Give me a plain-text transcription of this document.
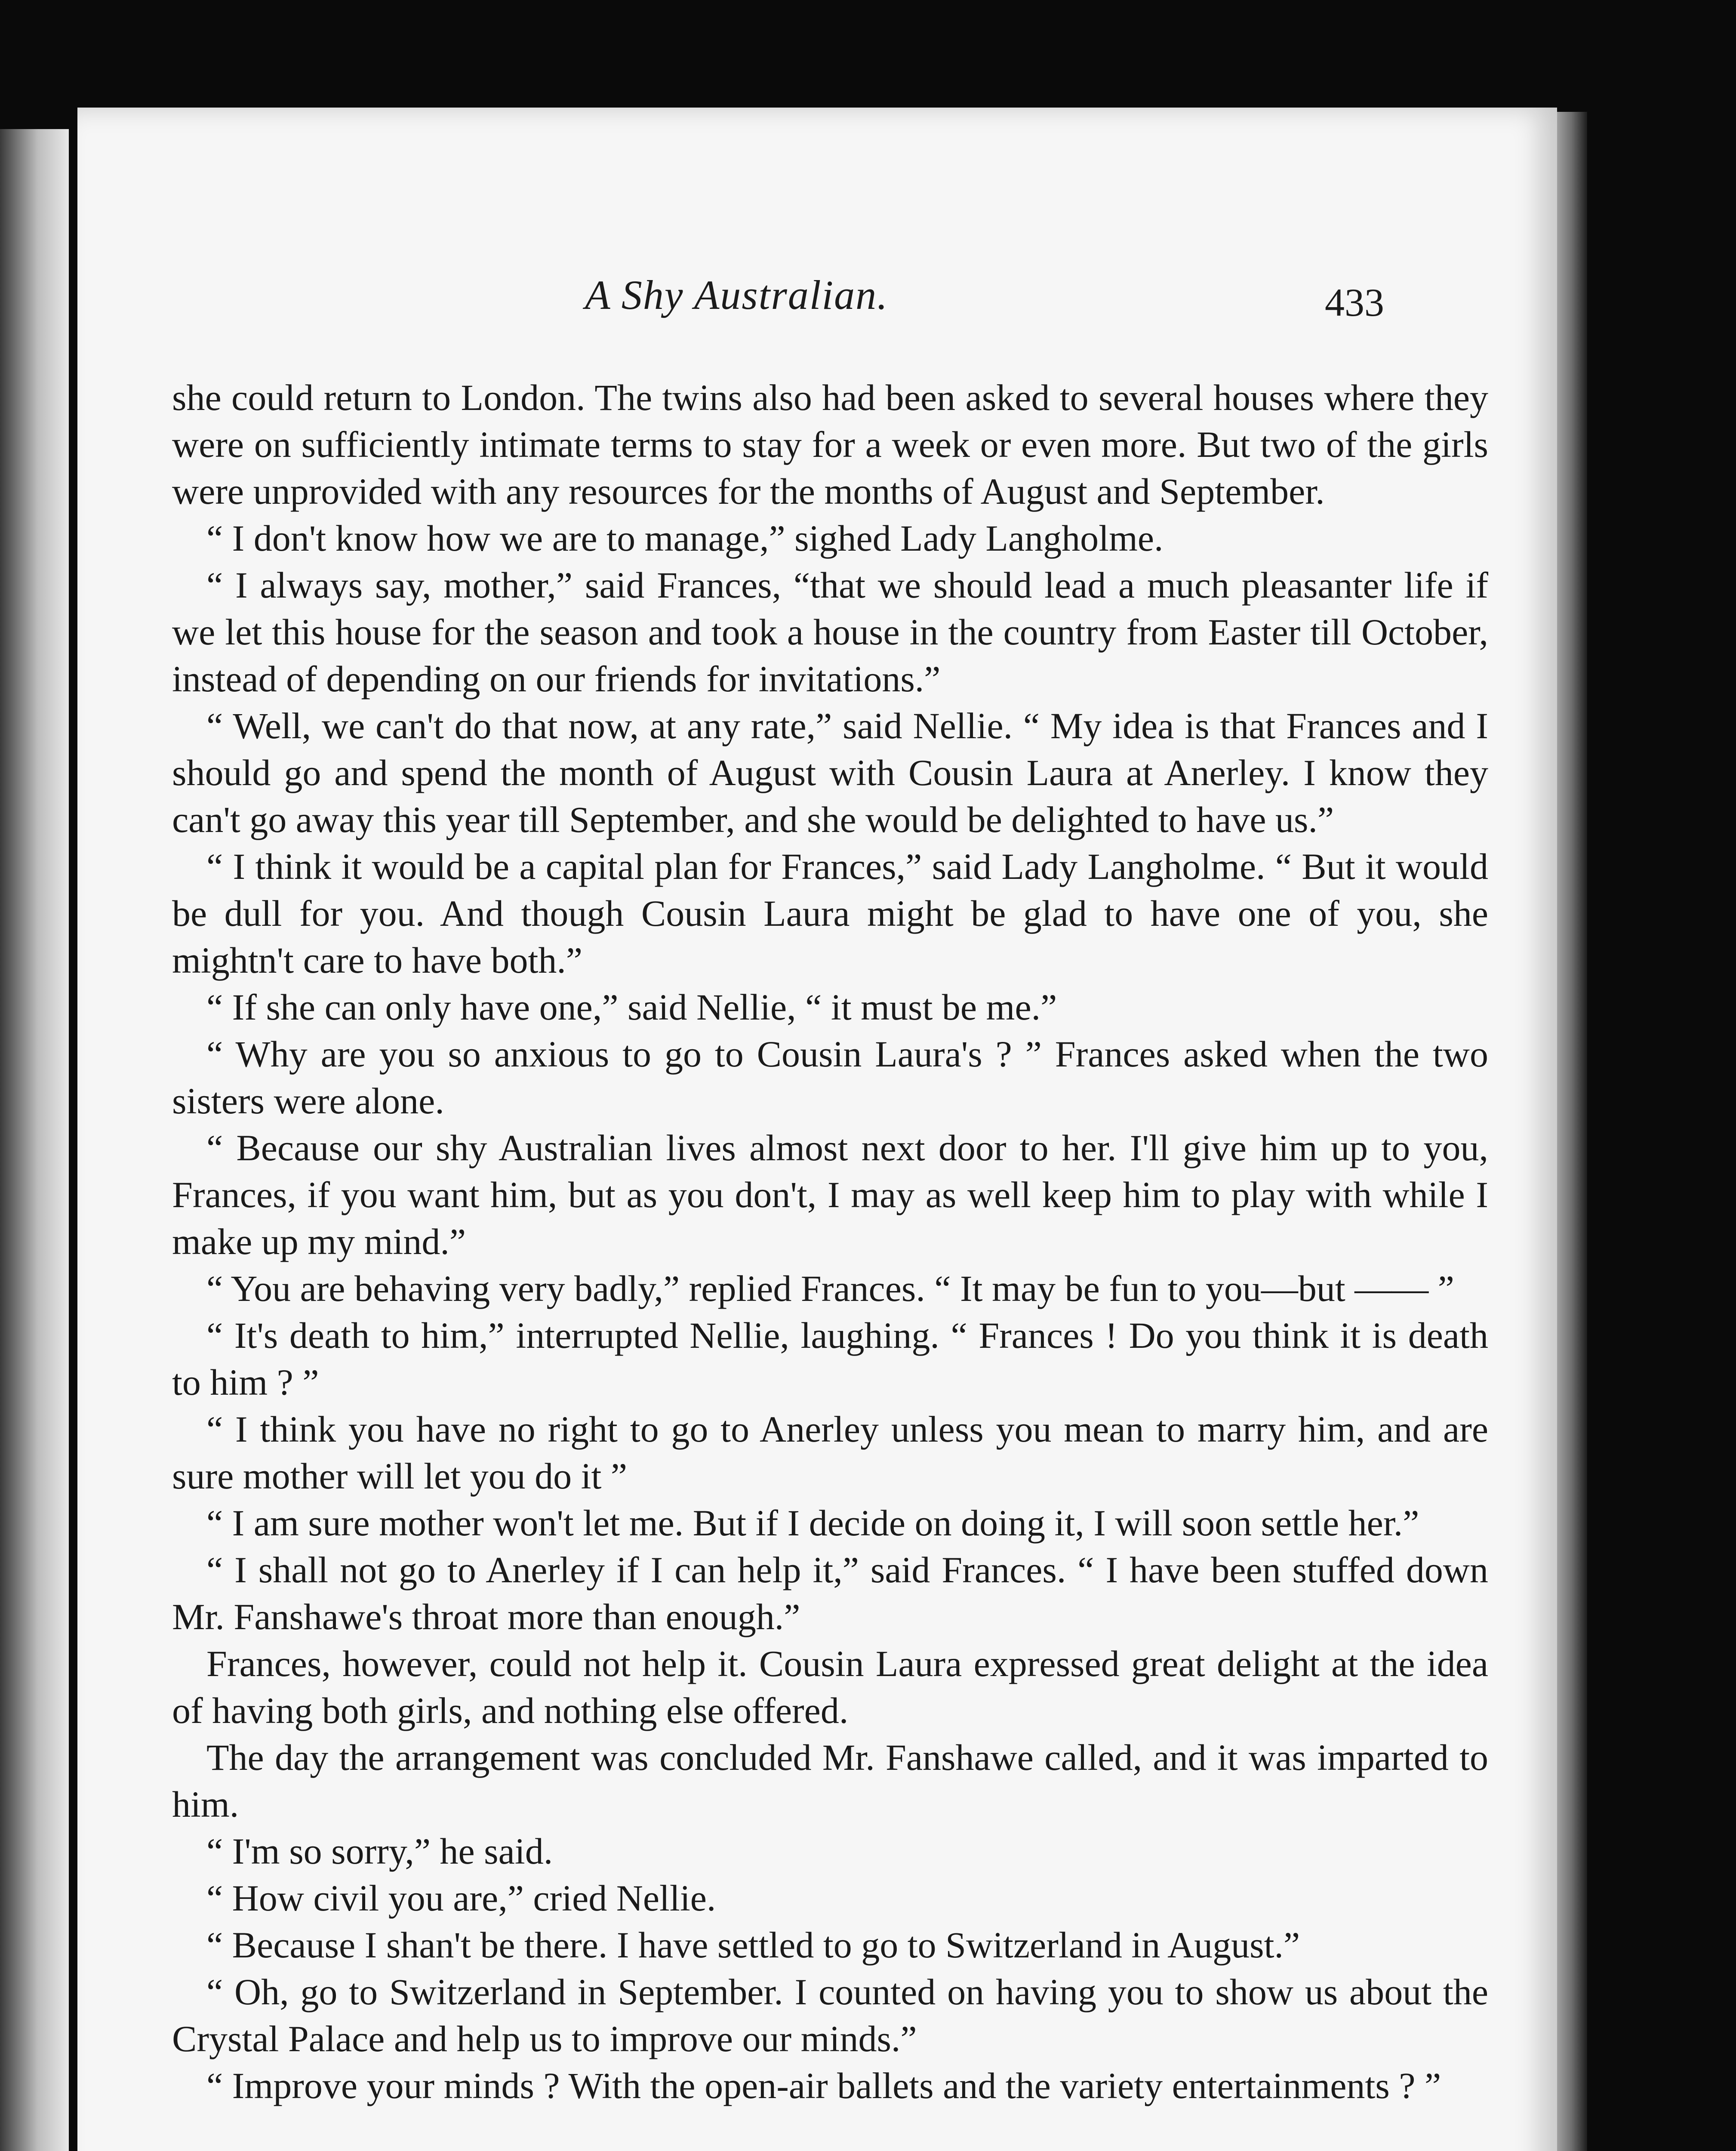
A Shy Australian.	433

she could return to London. The twins also had been asked to several houses where they were on sufficiently intimate terms to stay for a week or even more. But two of the girls were unprovided with any resources for the months of August and September.

“ I don't know how we are to manage,” sighed Lady Langholme.

“ I always say, mother,” said Frances, “that we should lead a much pleasanter life if we let this house for the season and took a house in the country from Easter till October, instead of depending on our friends for invitations.”

“ Well, we can't do that now, at any rate,” said Nellie. “ My idea is that Frances and I should go and spend the month of August with Cousin Laura at Anerley. I know they can't go away this year till September, and she would be delighted to have us.”

“ I think it would be a capital plan for Frances,” said Lady Langholme. “ But it would be dull for you. And though Cousin Laura might be glad to have one of you, she mightn't care to have both.”

“ If she can only have one,” said Nellie, “ it must be me.”

“ Why are you so anxious to go to Cousin Laura's ? ” Frances asked when the two sisters were alone.

“ Because our shy Australian lives almost next door to her. I'll give him up to you, Frances, if you want him, but as you don't, I may as well keep him to play with while I make up my mind.”

“ You are behaving very badly,” replied Frances. “ It may be fun to you—but —— ”

“ It's death to him,” interrupted Nellie, laughing. “ Frances ! Do you think it is death to him ? ”

“ I think you have no right to go to Anerley unless you mean to marry him, and are sure mother will let you do it ”

“ I am sure mother won't let me. But if I decide on doing it, I will soon settle her.”

“ I shall not go to Anerley if I can help it,” said Frances. “ I have been stuffed down Mr. Fanshawe's throat more than enough.”

Frances, however, could not help it. Cousin Laura expressed great delight at the idea of having both girls, and nothing else offered.

The day the arrangement was concluded Mr. Fanshawe called, and it was imparted to him.

“ I'm so sorry,” he said.

“ How civil you are,” cried Nellie.

“ Because I shan't be there. I have settled to go to Switzerland in August.”

“ Oh, go to Switzerland in September. I counted on having you to show us about the Crystal Palace and help us to improve our minds.”

“ Improve your minds ? With the open-air ballets and the variety entertainments ? ”
